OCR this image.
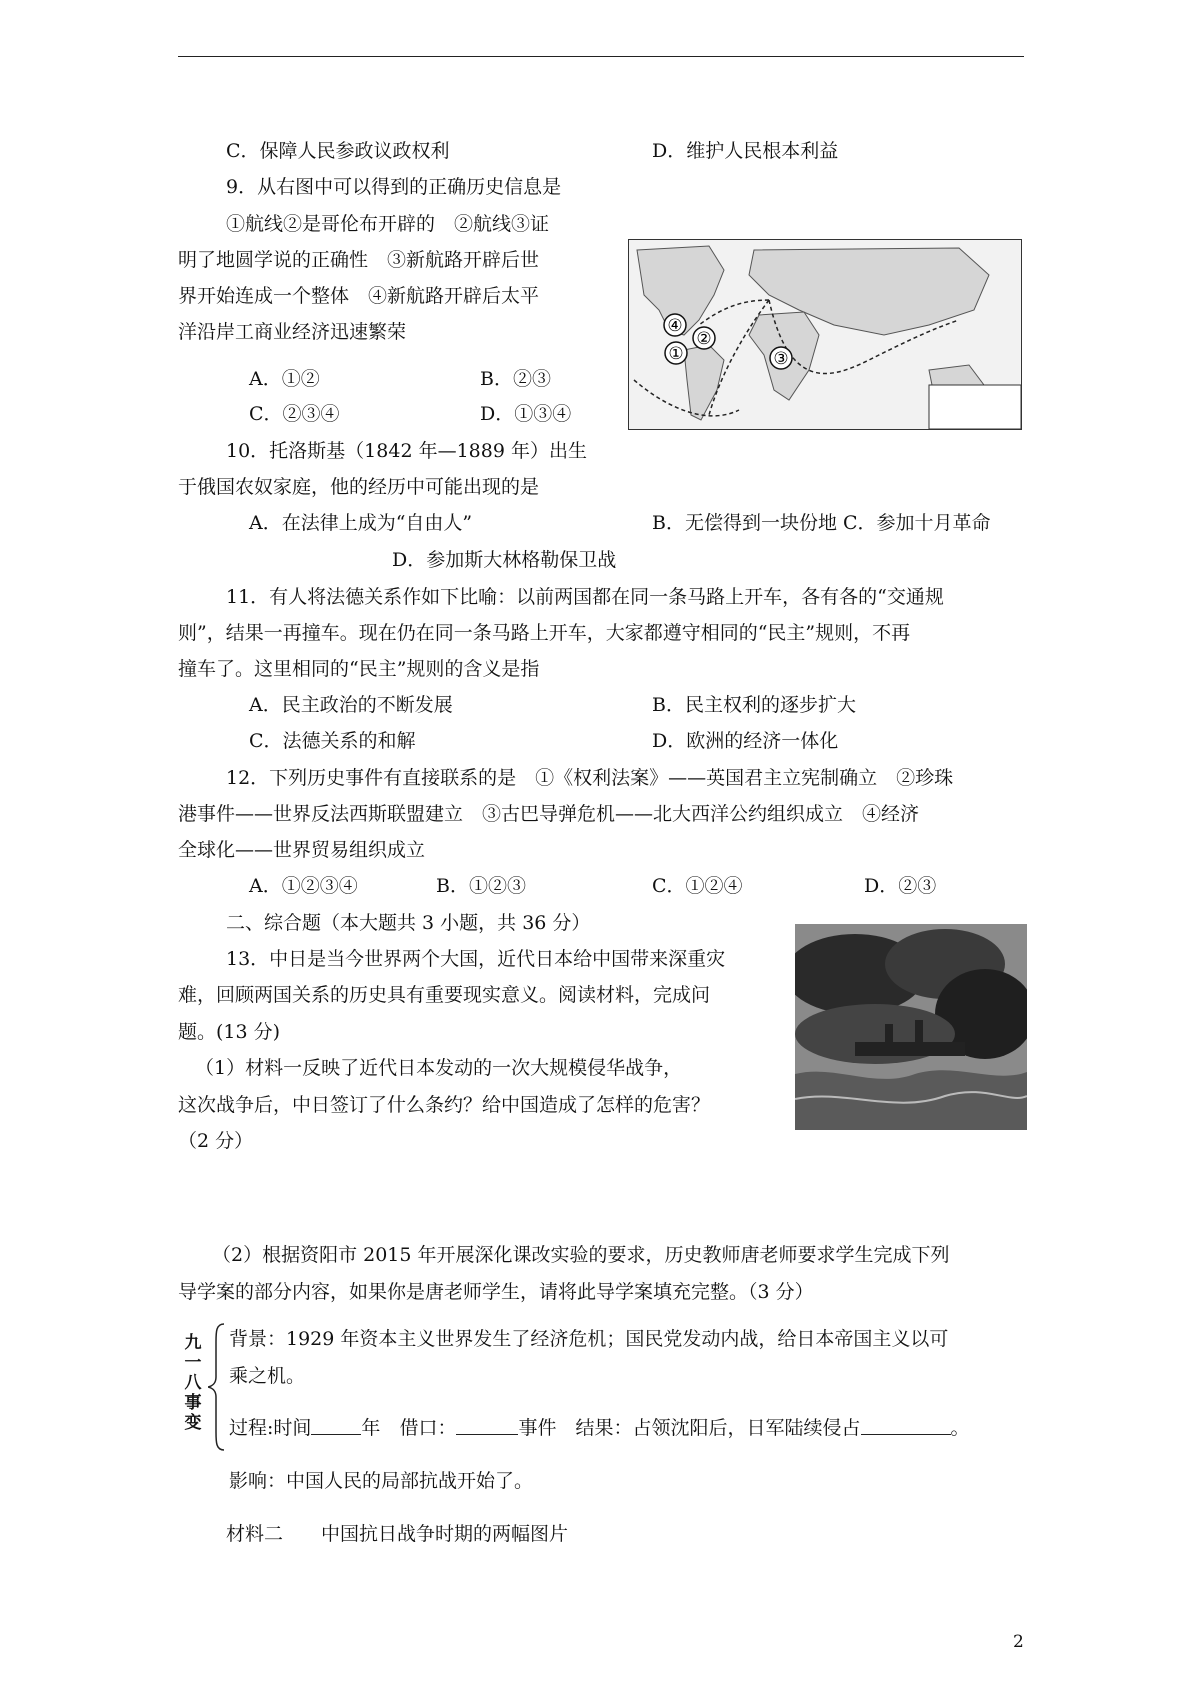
C．保障人民参政议政权利	D．维护人民根本利益
9．从右图中可以得到的正确历史信息是
①航线②是哥伦布开辟的　②航线③证
明了地圆学说的正确性　③新航路开辟后世
界开始连成一个整体　④新航路开辟后太平
洋沿岸工商业经济迅速繁荣
A．①②	B．②③
C．②③④	D．①③④
④
②
①	③
10．托洛斯基（1842 年—1889 年）出生
于俄国农奴家庭，他的经历中可能出现的是
A．在法律上成为“自由人”	B．无偿得到一块份地 C．参加十月革命
D．参加斯大林格勒保卫战
11．有人将法德关系作如下比喻：以前两国都在同一条马路上开车，各有各的“交通规
则”，结果一再撞车。现在仍在同一条马路上开车，大家都遵守相同的“民主”规则，不再
撞车了。这里相同的“民主”规则的含义是指
A．民主政治的不断发展	B．民主权利的逐步扩大
C．法德关系的和解	D．欧洲的经济一体化
12．下列历史事件有直接联系的是　①《权利法案》——英国君主立宪制确立　②珍珠
港事件——世界反法西斯联盟建立　③古巴导弹危机——北大西洋公约组织成立　④经济
全球化——世界贸易组织成立
A．①②③④	B．①②③	C．①②④	D．②③
二、综合题（本大题共 3 小题，共 36 分）
13．中日是当今世界两个大国，近代日本给中国带来深重灾
难，回顾两国关系的历史具有重要现实意义。阅读材料，完成问
题。(13 分)
（1）材料一反映了近代日本发动的一次大规模侵华战争，
这次战争后，中日签订了什么条约？给中国造成了怎样的危害？
（2 分）
（2）根据资阳市 2015 年开展深化课改实验的要求，历史教师唐老师要求学生完成下列
导学案的部分内容，如果你是唐老师学生，请将此导学案填充完整。（3 分）
九
一
八
事
变
背景：1929 年资本主义世界发生了经济危机；国民党发动内战，给日本帝国主义以可
乘之机。
过程:时间	年　 借口：	事件　 结果：占领沈阳后，日军陆续侵占	。
影响：中国人民的局部抗战开始了。
材料二　　中国抗日战争时期的两幅图片
2
